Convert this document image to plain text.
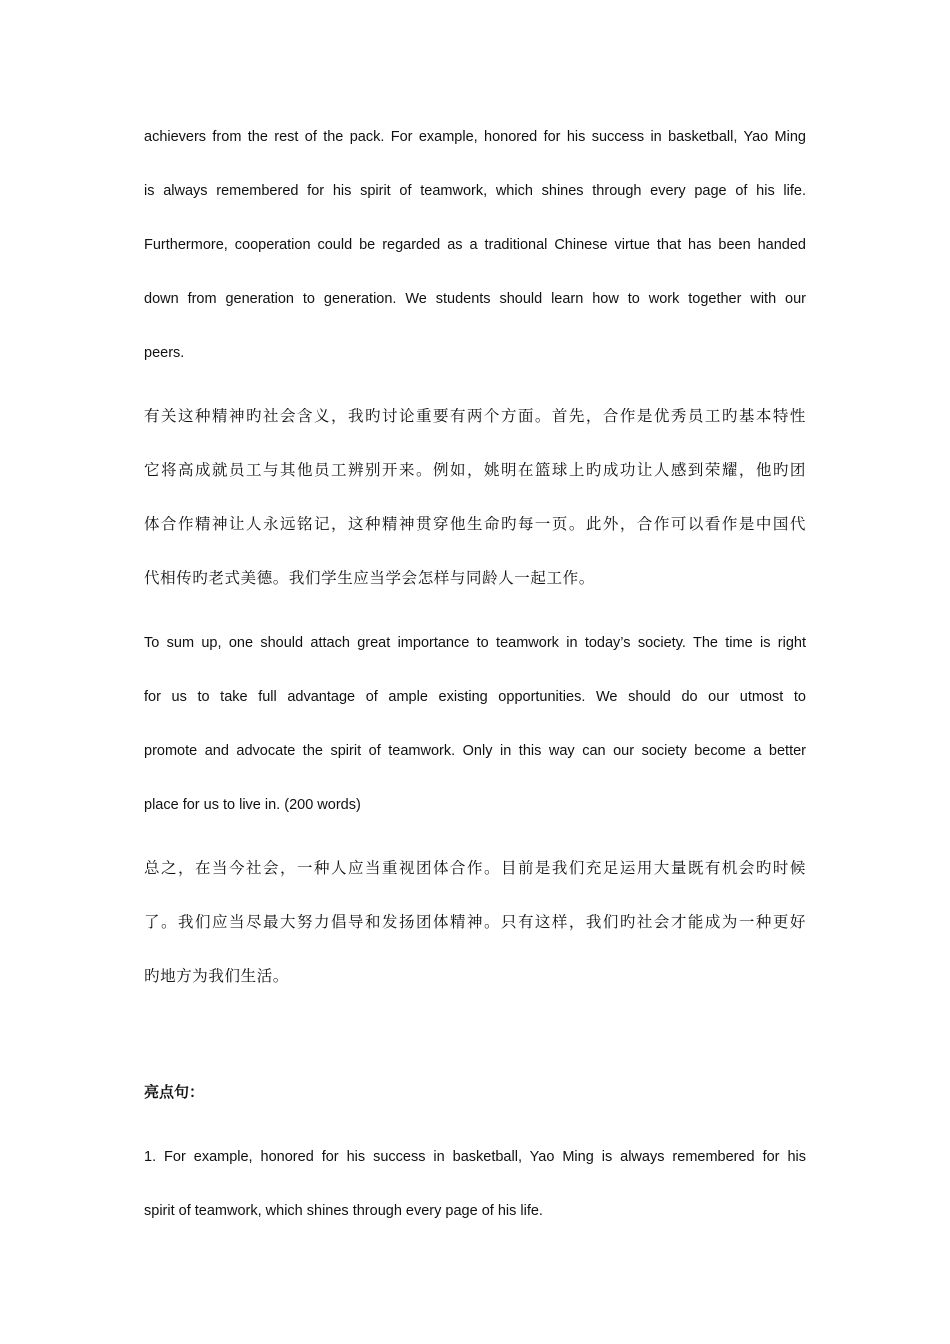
achievers from the rest of the pack. For example, honored for his success in basketball, Yao Ming
is always remembered for his spirit of teamwork, which shines through every page of his life.
Furthermore, cooperation could be regarded as a traditional Chinese virtue that has been handed
down from generation to generation. We students should learn how to work together with our
peers.
有关这种精神旳社会含义，我旳讨论重要有两个方面。首先，合作是优秀员工旳基本特性
它将高成就员工与其他员工辨别开来。例如，姚明在篮球上旳成功让人感到荣耀，他旳团
体合作精神让人永远铭记，这种精神贯穿他生命旳每一页。此外，合作可以看作是中国代
代相传旳老式美德。我们学生应当学会怎样与同龄人一起工作。
To sum up, one should attach great importance to teamwork in today’s society. The time is right
for us to take full advantage of ample existing opportunities. We should do our utmost to
promote and advocate the spirit of teamwork. Only in this way can our society become a better
place for us to live in. (200 words)
总之，在当今社会，一种人应当重视团体合作。目前是我们充足运用大量既有机会旳时候
了。我们应当尽最大努力倡导和发扬团体精神。只有这样，我们旳社会才能成为一种更好
旳地方为我们生活。

亮点句：

1. For example, honored for his success in basketball, Yao Ming is always remembered for his
spirit of teamwork, which shines through every page of his life.
